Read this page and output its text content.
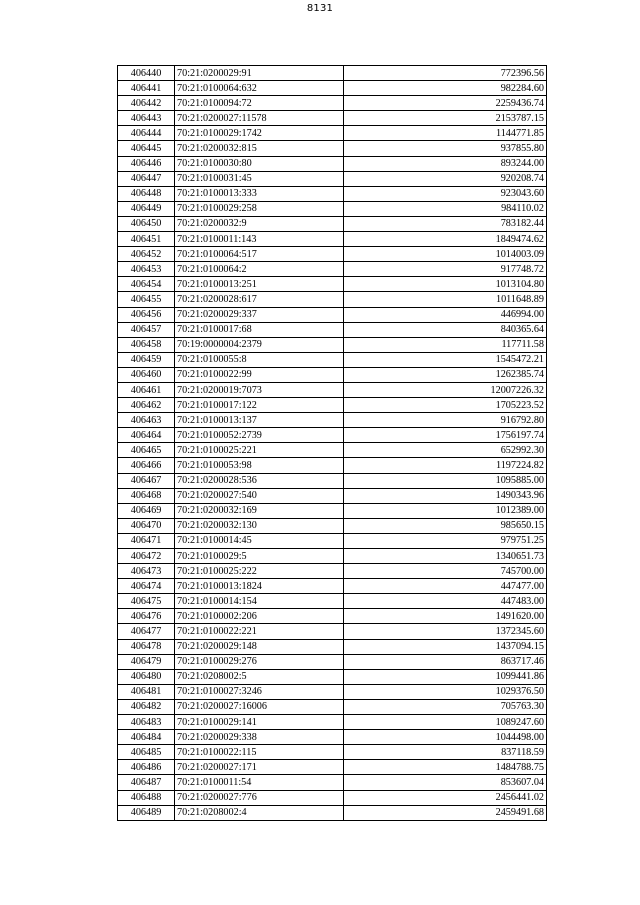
8131
406440	70:21:0200029:91	772396.56
406441	70:21:0100064:632	982284.60
406442	70:21:0100094:72	2259436.74
406443	70:21:0200027:11578	2153787.15
406444	70:21:0100029:1742	1144771.85
406445	70:21:0200032:815	937855.80
406446	70:21:0100030:80	893244.00
406447	70:21:0100031:45	920208.74
406448	70:21:0100013:333	923043.60
406449	70:21:0100029:258	984110.02
406450	70:21:0200032:9	783182.44
406451	70:21:0100011:143	1849474.62
406452	70:21:0100064:517	1014003.09
406453	70:21:0100064:2	917748.72
406454	70:21:0100013:251	1013104.80
406455	70:21:0200028:617	1011648.89
406456	70:21:0200029:337	446994.00
406457	70:21:0100017:68	840365.64
406458	70:19:0000004:2379	117711.58
406459	70:21:0100055:8	1545472.21
406460	70:21:0100022:99	1262385.74
406461	70:21:0200019:7073	12007226.32
406462	70:21:0100017:122	1705223.52
406463	70:21:0100013:137	916792.80
406464	70:21:0100052:2739	1756197.74
406465	70:21:0100025:221	652992.30
406466	70:21:0100053:98	1197224.82
406467	70:21:0200028:536	1095885.00
406468	70:21:0200027:540	1490343.96
406469	70:21:0200032:169	1012389.00
406470	70:21:0200032:130	985650.15
406471	70:21:0100014:45	979751.25
406472	70:21:0100029:5	1340651.73
406473	70:21:0100025:222	745700.00
406474	70:21:0100013:1824	447477.00
406475	70:21:0100014:154	447483.00
406476	70:21:0100002:206	1491620.00
406477	70:21:0100022:221	1372345.60
406478	70:21:0200029:148	1437094.15
406479	70:21:0100029:276	863717.46
406480	70:21:0208002:5	1099441.86
406481	70:21:0100027:3246	1029376.50
406482	70:21:0200027:16006	705763.30
406483	70:21:0100029:141	1089247.60
406484	70:21:0200029:338	1044498.00
406485	70:21:0100022:115	837118.59
406486	70:21:0200027:171	1484788.75
406487	70:21:0100011:54	853607.04
406488	70:21:0200027:776	2456441.02
406489	70:21:0208002:4	2459491.68
